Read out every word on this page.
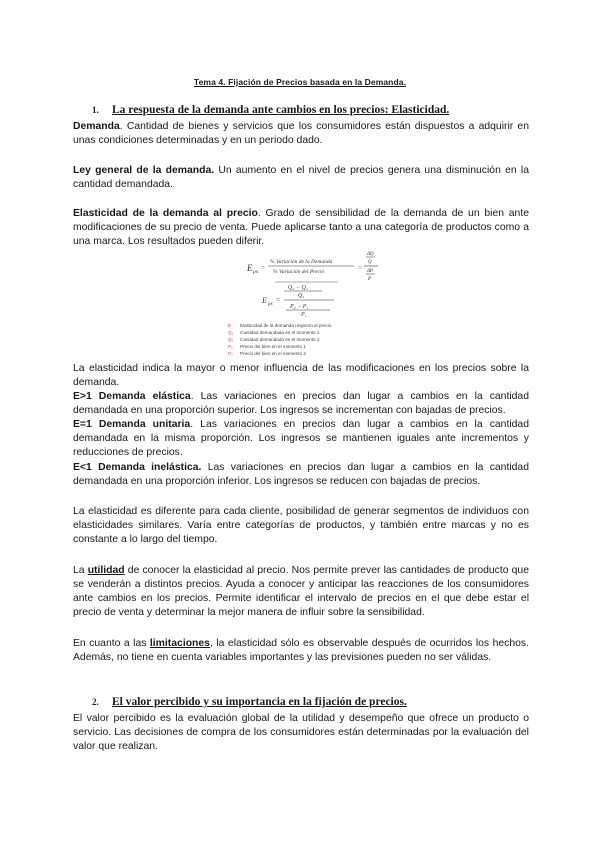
Tema 4. Fijación de Precios basada en la Demanda.
1. La respuesta de la demanda ante cambios en los precios: Elasticidad.

Demanda. Cantidad de bienes y servicios que los consumidores están dispuestos a adquirir en unas condiciones determinadas y en un periodo dado.

Ley general de la demanda. Un aumento en el nivel de precios genera una disminución en la cantidad demandada.

Elasticidad de la demanda al precio. Grado de sensibilidad de la demanda de un bien ante modificaciones de su precio de venta. Puede aplicarse tanto a una categoría de productos como a una marca. Los resultados pueden diferir.

E px =
% Variación de la Demanda
% Variación del Precio	=
ΔQ
Q
ΔP
P
Q₂ − Q₁
Q₁
E px
=
P₂ − P₁
P₁
E Elasticidad de la demanda respecto al precio
Q₁ Cantidad demandada en el momento 1
Q₂ Cantidad demandada en el momento 2
P₁ Precio del bien en el momento 1
P₂ Precio del bien en el momento 2

La elasticidad indica la mayor o menor influencia de las modificaciones en los precios sobre la demanda.

E>1 Demanda elástica. Las variaciones en precios dan lugar a cambios en la cantidad demandada en una proporción superior. Los ingresos se incrementan con bajadas de precios.

E=1 Demanda unitaria. Las variaciones en precios dan lugar a cambios en la cantidad demandada en la misma proporción. Los ingresos se mantienen iguales ante incrementos y reducciones de precios.

E<1 Demanda inelástica. Las variaciones en precios dan lugar a cambios en la cantidad demandada en una proporción inferior. Los ingresos se reducen con bajadas de precios.

La elasticidad es diferente para cada cliente, posibilidad de generar segmentos de individuos con elasticidades similares. Varía entre categorías de productos, y también entre marcas y no es constante a lo largo del tiempo.

La utilidad de conocer la elasticidad al precio. Nos permite prever las cantidades de producto que se venderán a distintos precios. Ayuda a conocer y anticipar las reacciones de los consumidores ante cambios en los precios. Permite identificar el intervalo de precios en el que debe estar el precio de venta y determinar la mejor manera de influir sobre la sensibilidad.

En cuanto a las limitaciones, la elasticidad sólo es observable después de ocurridos los hechos. Además, no tiene en cuenta variables importantes y las previsiones pueden no ser válidas.

2. El valor percibido y su importancia en la fijación de precios.

El valor percibido es la evaluación global de la utilidad y desempeño que ofrece un producto o servicio. Las decisiones de compra de los consumidores están determinadas por la evaluación del valor que realizan.
